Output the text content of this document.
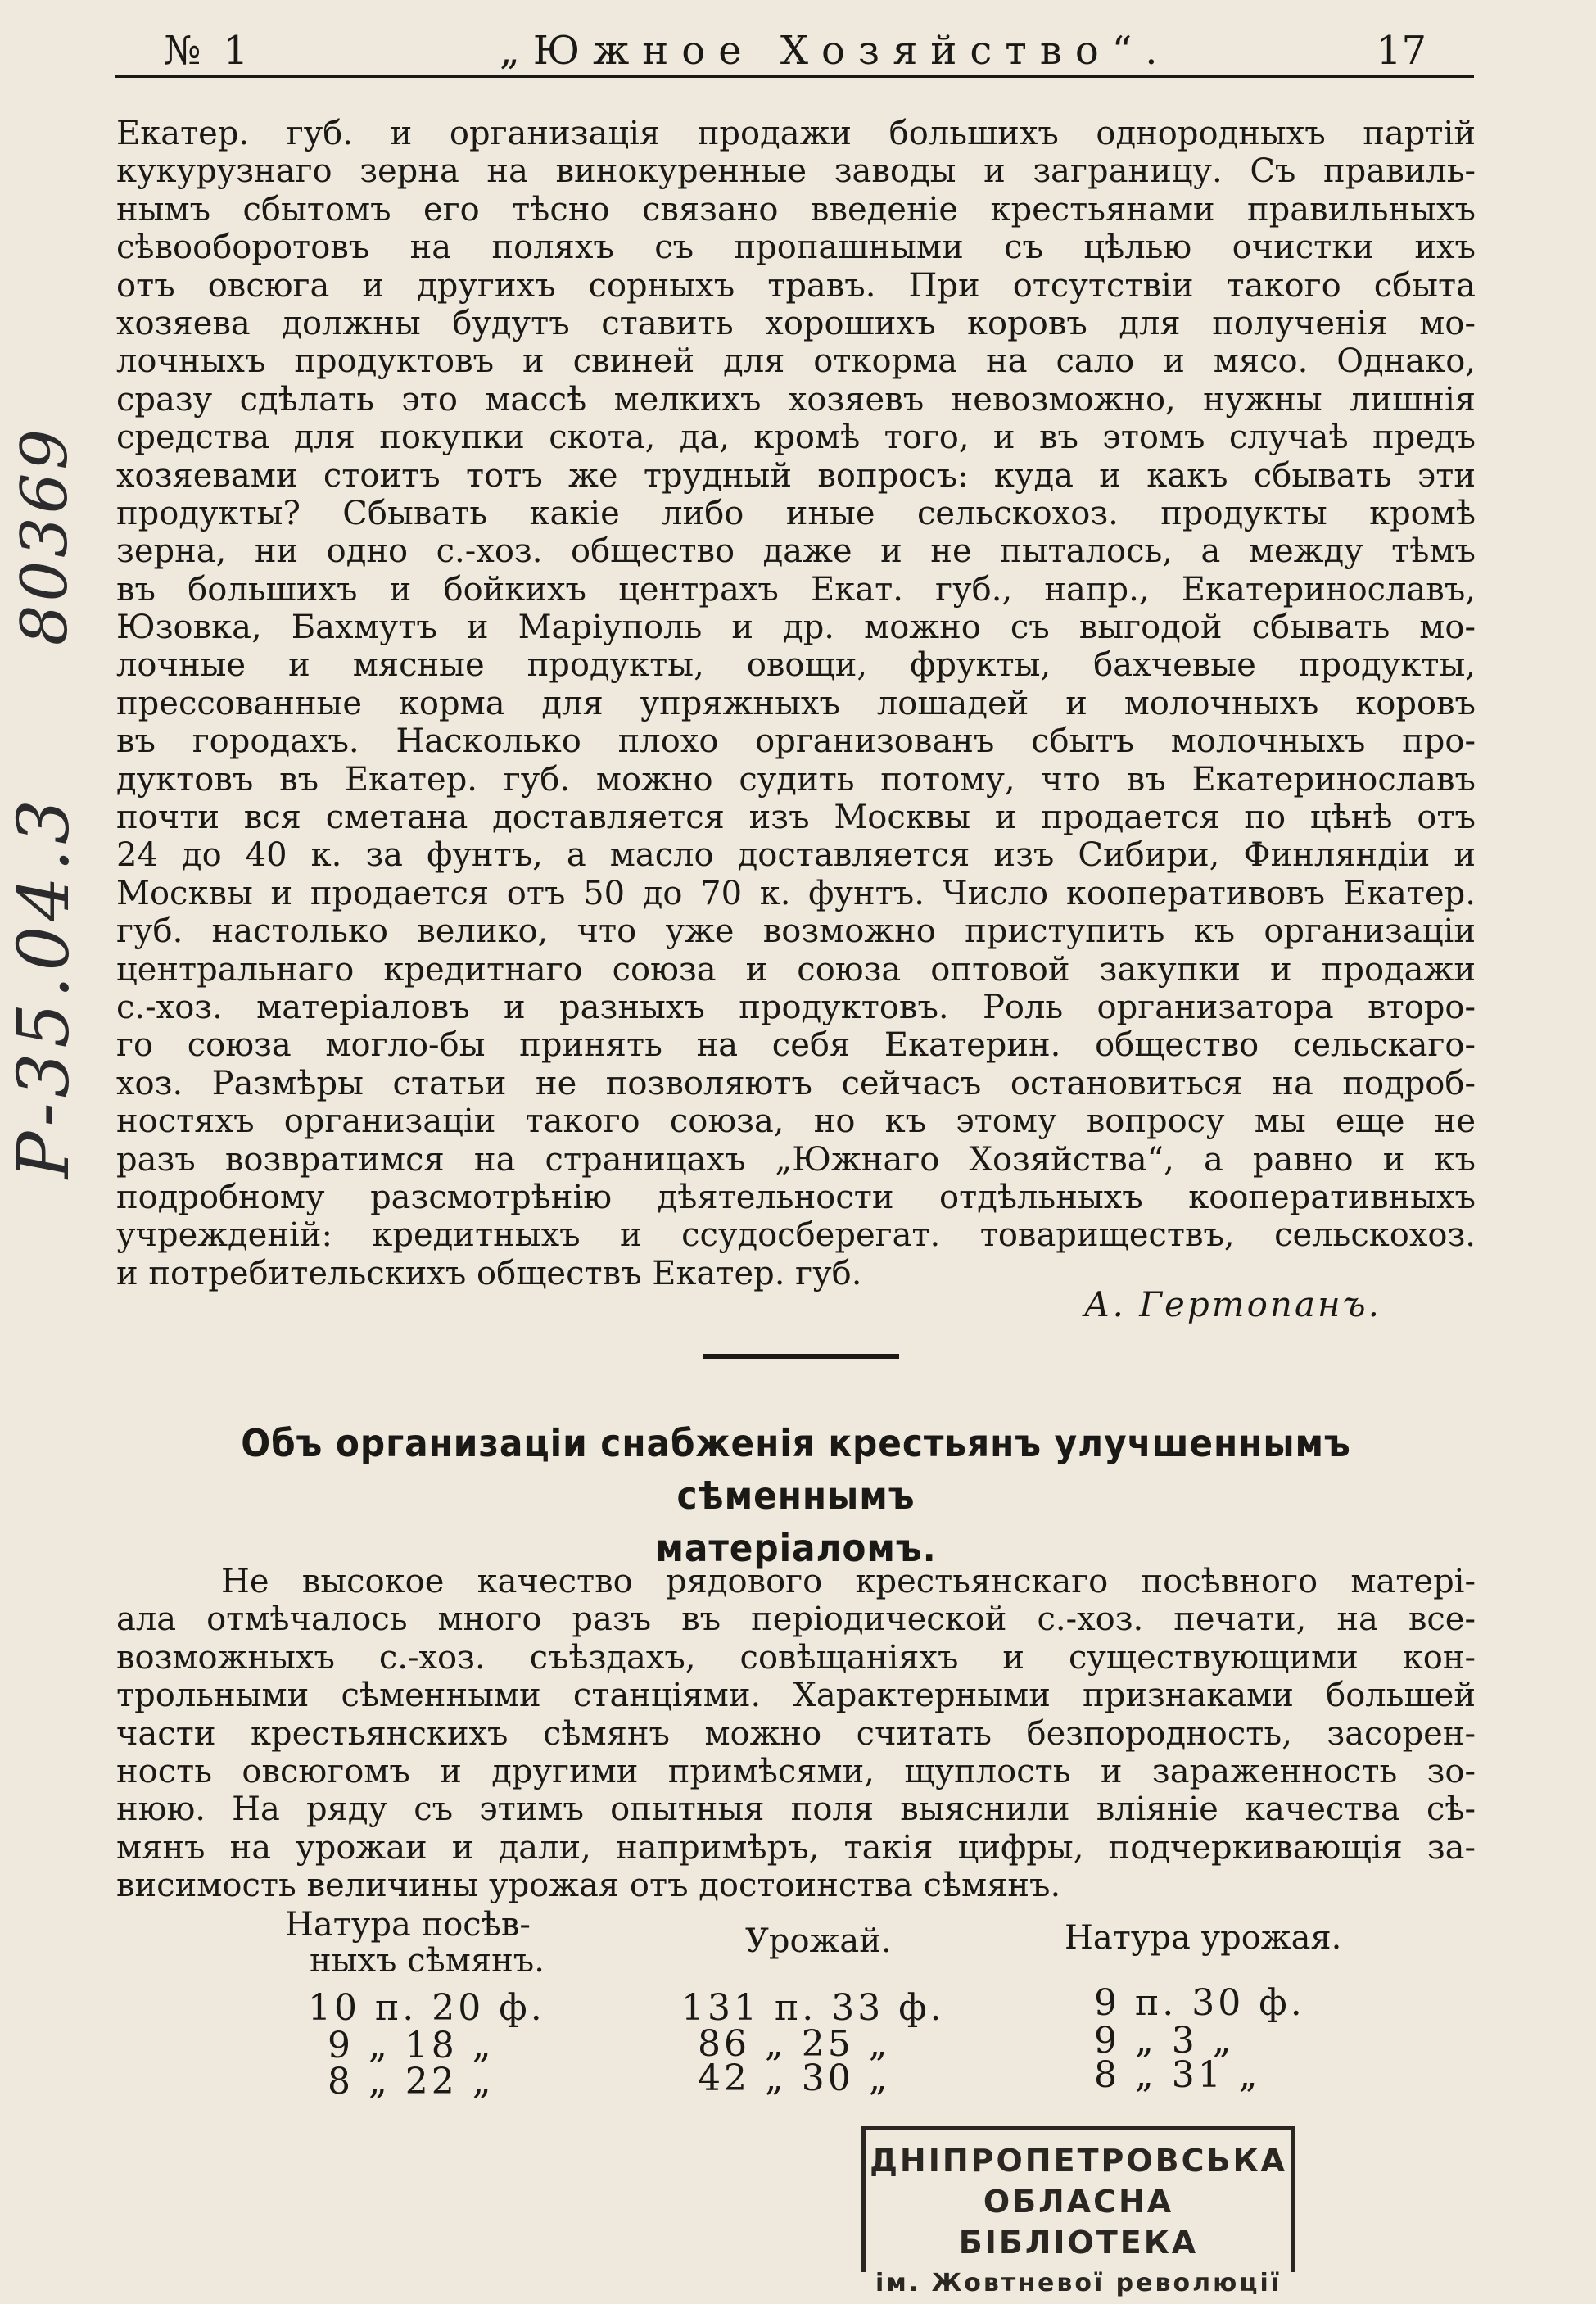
№ 1	„Южное Хозяйство“.	17
Екатер. губ. и организація продажи большихъ однородныхъ партій
кукурузнаго зерна на винокуренные заводы и заграницу. Съ правиль-
нымъ сбытомъ его тѣсно связано введеніе крестьянами правильныхъ
сѣвооборотовъ на поляхъ съ пропашными съ цѣлью очистки ихъ
отъ овсюга и другихъ сорныхъ травъ. При отсутствіи такого сбыта
хозяева должны будутъ ставить хорошихъ коровъ для полученія мо-
лочныхъ продуктовъ и свиней для откорма на сало и мясо. Однако,
сразу сдѣлать это массѣ мелкихъ хозяевъ невозможно, нужны лишнія
средства для покупки скота, да, кромѣ того, и въ этомъ случаѣ предъ
хозяевами стоитъ тотъ же трудный вопросъ: куда и какъ сбывать эти
продукты? Сбывать какіе либо иные сельскохоз. продукты кромѣ
зерна, ни одно с.-хоз. общество даже и не пыталось, а между тѣмъ
въ большихъ и бойкихъ центрахъ Екат. губ., напр., Екатеринославъ,
Юзовка, Бахмутъ и Маріуполь и др. можно съ выгодой сбывать мо-
лочные и мясные продукты, овощи, фрукты, бахчевые продукты,
прессованные корма для упряжныхъ лошадей и молочныхъ коровъ
въ городахъ. Насколько плохо организованъ сбытъ молочныхъ про-
дуктовъ въ Екатер. губ. можно судить потому, что въ Екатеринославъ
почти вся сметана доставляется изъ Москвы и продается по цѣнѣ отъ
24 до 40 к. за фунтъ, а масло доставляется изъ Сибири, Финляндіи и
Москвы и продается отъ 50 до 70 к. фунтъ. Число кооперативовъ Екатер.
губ. настолько велико, что уже возможно приступить къ организаціи
центральнаго кредитнаго союза и союза оптовой закупки и продажи
с.-хоз. матеріаловъ и разныхъ продуктовъ. Роль организатора второ-
го союза могло-бы принять на себя Екатерин. общество сельскаго-
хоз. Размѣры статьи не позволяютъ сейчасъ остановиться на подроб-
ностяхъ организаціи такого союза, но къ этому вопросу мы еще не
разъ возвратимся на страницахъ „Южнаго Хозяйства“, а равно и къ
подробному разсмотрѣнію дѣятельности отдѣльныхъ кооперативныхъ
учрежденій: кредитныхъ и ссудосберегат. товариществъ, сельскохоз.
и потребительскихъ обществъ Екатер. губ.
А. Гертопанъ.
Объ организаціи снабженія крестьянъ улучшеннымъ сѣменнымъ
матеріаломъ.
Не высокое качество рядового крестьянскаго посѣвного матері-
ала отмѣчалось много разъ въ періодической с.-хоз. печати, на все-
возможныхъ с.-хоз. съѣздахъ, совѣщаніяхъ и существующими кон-
трольными сѣменными станціями. Характерными признаками большей
части крестьянскихъ сѣмянъ можно считать безпородность, засорен-
ность овсюгомъ и другими примѣсями, щуплость и зараженность зо-
нюю. На ряду съ этимъ опытныя поля выяснили вліяніе качества сѣ-
мянъ на урожаи и дали, напримѣръ, такія цифры, подчеркивающія за-
висимость величины урожая отъ достоинства сѣмянъ.
Натура посѣв-
ныхъ сѣмянъ.
Урожай.	Натура урожая.
10 п. 20 ф.	131 п. 33 ф.	9 п. 30 ф.
9 „ 18 „	86 „ 25 „	9 „ 3 „
8 „ 22 „	42 „ 30 „	8 „ 31 „
ДНІПРОПЕТРОВСЬКА
ОБЛАСНА БІБЛІОТЕКА
ім. Жовтневої революції
80369
Р-35.04.3
